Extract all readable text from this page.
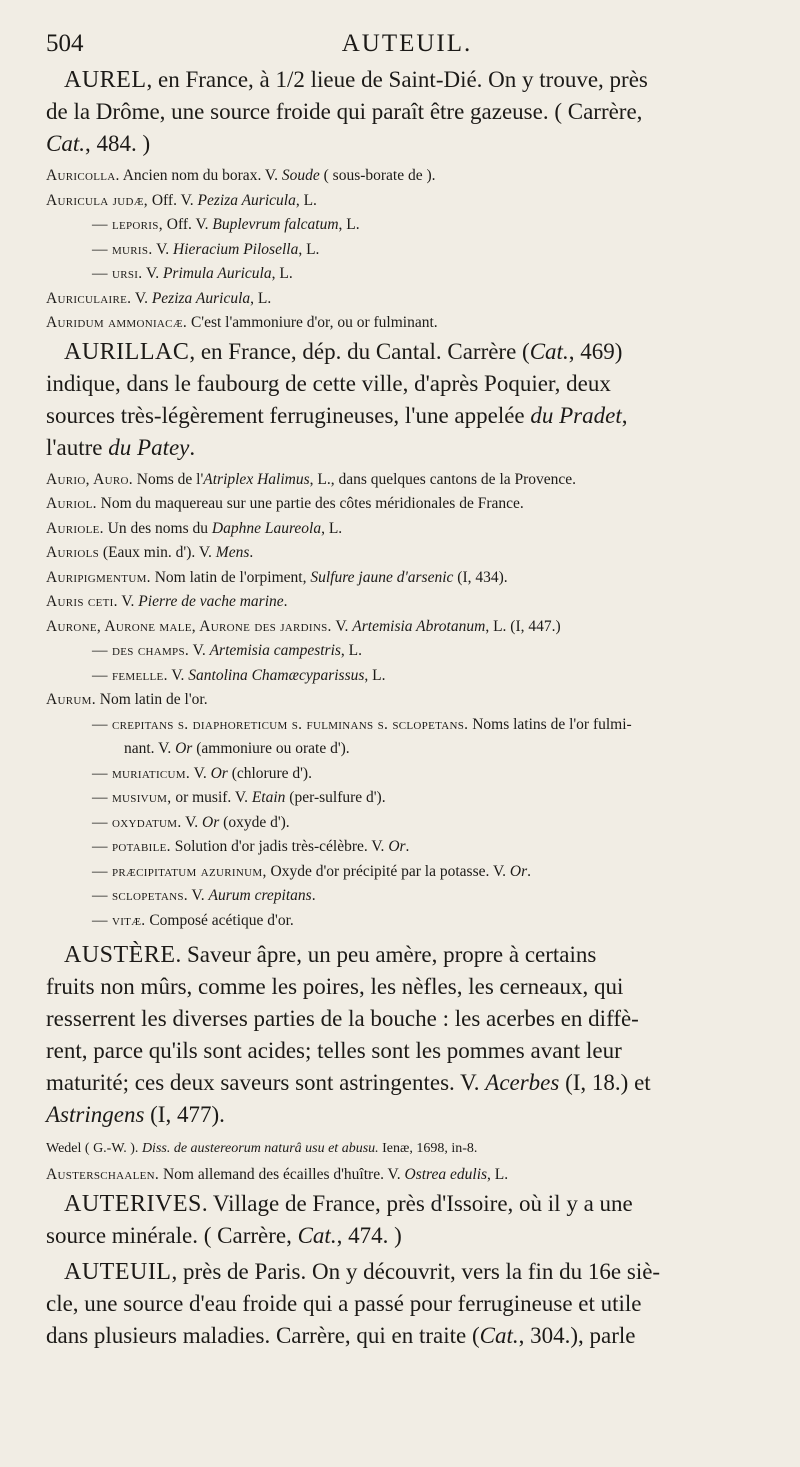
504	AUTEUIL.

AUREL, en France, à 1/2 lieue de Saint-Dié. On y trouve, près
de la Drôme, une source froide qui paraît être gazeuse. ( Carrère,
Cat., 484. )

Auricolla. Ancien nom du borax. V. Soude ( sous-borate de ).

Auricula judæ, Off. V. Peziza Auricula, L.

— leporis, Off. V. Buplevrum falcatum, L.

— muris. V. Hieracium Pilosella, L.

— ursi. V. Primula Auricula, L.

Auriculaire. V. Peziza Auricula, L.

Auridum ammoniacæ. C'est l'ammoniure d'or, ou or fulminant.

AURILLAC, en France, dép. du Cantal. Carrère (Cat., 469)
indique, dans le faubourg de cette ville, d'après Poquier, deux
sources très-légèrement ferrugineuses, l'une appelée du Pradet,
l'autre du Patey.

Aurio, Auro. Noms de l'Atriplex Halimus, L., dans quelques cantons de la Provence.

Auriol. Nom du maquereau sur une partie des côtes méridionales de France.

Auriole. Un des noms du Daphne Laureola, L.

Auriols (Eaux min. d'). V. Mens.

Auripigmentum. Nom latin de l'orpiment, Sulfure jaune d'arsenic (I, 434).

Auris ceti. V. Pierre de vache marine.

Aurone, Aurone male, Aurone des jardins. V. Artemisia Abrotanum, L. (I, 447.)

— des champs. V. Artemisia campestris, L.

— femelle. V. Santolina Chamæcyparissus, L.

Aurum. Nom latin de l'or.

— crepitans s. diaphoreticum s. fulminans s. sclopetans. Noms latins de l'or fulmi-

nant. V. Or (ammoniure ou orate d').

— muriaticum. V. Or (chlorure d').

— musivum, or musif. V. Etain (per-sulfure d').

— oxydatum. V. Or (oxyde d').

— potabile. Solution d'or jadis très-célèbre. V. Or.

— præcipitatum azurinum, Oxyde d'or précipité par la potasse. V. Or.

— sclopetans. V. Aurum crepitans.

— vitæ. Composé acétique d'or.

AUSTÈRE. Saveur âpre, un peu amère, propre à certains
fruits non mûrs, comme les poires, les nèfles, les cerneaux, qui
resserrent les diverses parties de la bouche : les acerbes en diffè-
rent, parce qu'ils sont acides; telles sont les pommes avant leur
maturité; ces deux saveurs sont astringentes. V. Acerbes (I, 18.) et
Astringens (I, 477).

Wedel ( G.-W. ). Diss. de austereorum naturâ usu et abusu. Ienæ, 1698, in-8.

Austerschaalen. Nom allemand des écailles d'huître. V. Ostrea edulis, L.

AUTERIVES. Village de France, près d'Issoire, où il y a une
source minérale. ( Carrère, Cat., 474. )

AUTEUIL, près de Paris. On y découvrit, vers la fin du 16e siè-
cle, une source d'eau froide qui a passé pour ferrugineuse et utile
dans plusieurs maladies. Carrère, qui en traite (Cat., 304.), parle
